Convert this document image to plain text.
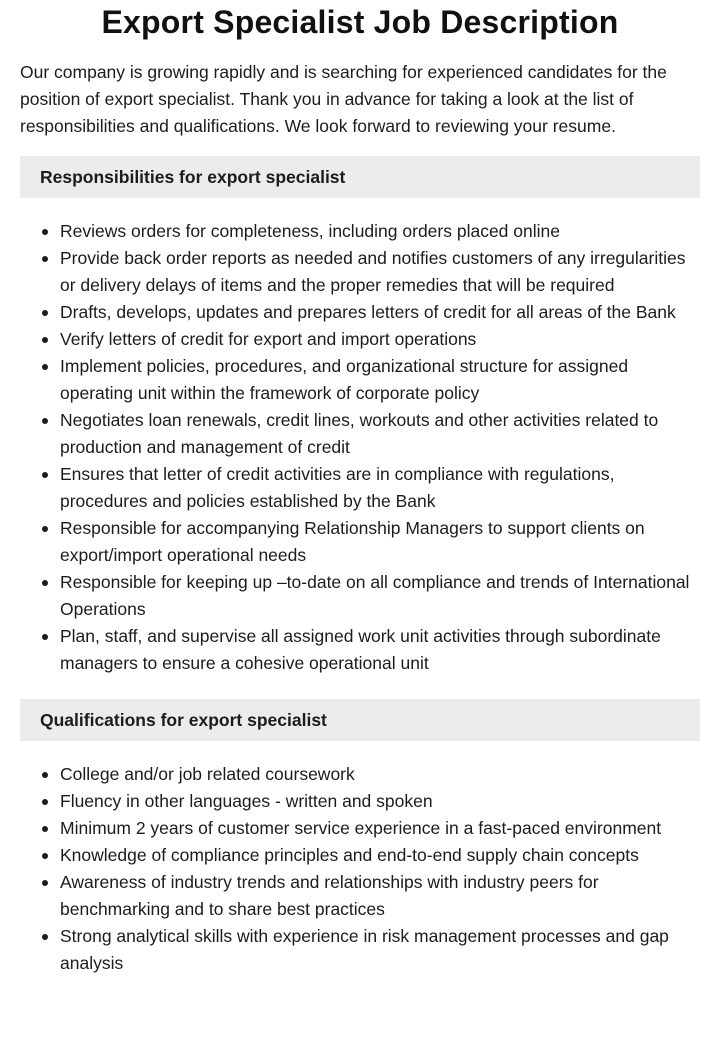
Export Specialist Job Description

Our company is growing rapidly and is searching for experienced candidates for the position of export specialist. Thank you in advance for taking a look at the list of responsibilities and qualifications. We look forward to reviewing your resume.

Responsibilities for export specialist
Reviews orders for completeness, including orders placed online
Provide back order reports as needed and notifies customers of any irregularities or delivery delays of items and the proper remedies that will be required
Drafts, develops, updates and prepares letters of credit for all areas of the Bank
Verify letters of credit for export and import operations
Implement policies, procedures, and organizational structure for assigned operating unit within the framework of corporate policy
Negotiates loan renewals, credit lines, workouts and other activities related to production and management of credit
Ensures that letter of credit activities are in compliance with regulations, procedures and policies established by the Bank
Responsible for accompanying Relationship Managers to support clients on export/import operational needs
Responsible for keeping up –to-date on all compliance and trends of International Operations
Plan, staff, and supervise all assigned work unit activities through subordinate managers to ensure a cohesive operational unit
Qualifications for export specialist
College and/or job related coursework
Fluency in other languages - written and spoken
Minimum 2 years of customer service experience in a fast-paced environment
Knowledge of compliance principles and end-to-end supply chain concepts
Awareness of industry trends and relationships with industry peers for benchmarking and to share best practices
Strong analytical skills with experience in risk management processes and gap analysis
